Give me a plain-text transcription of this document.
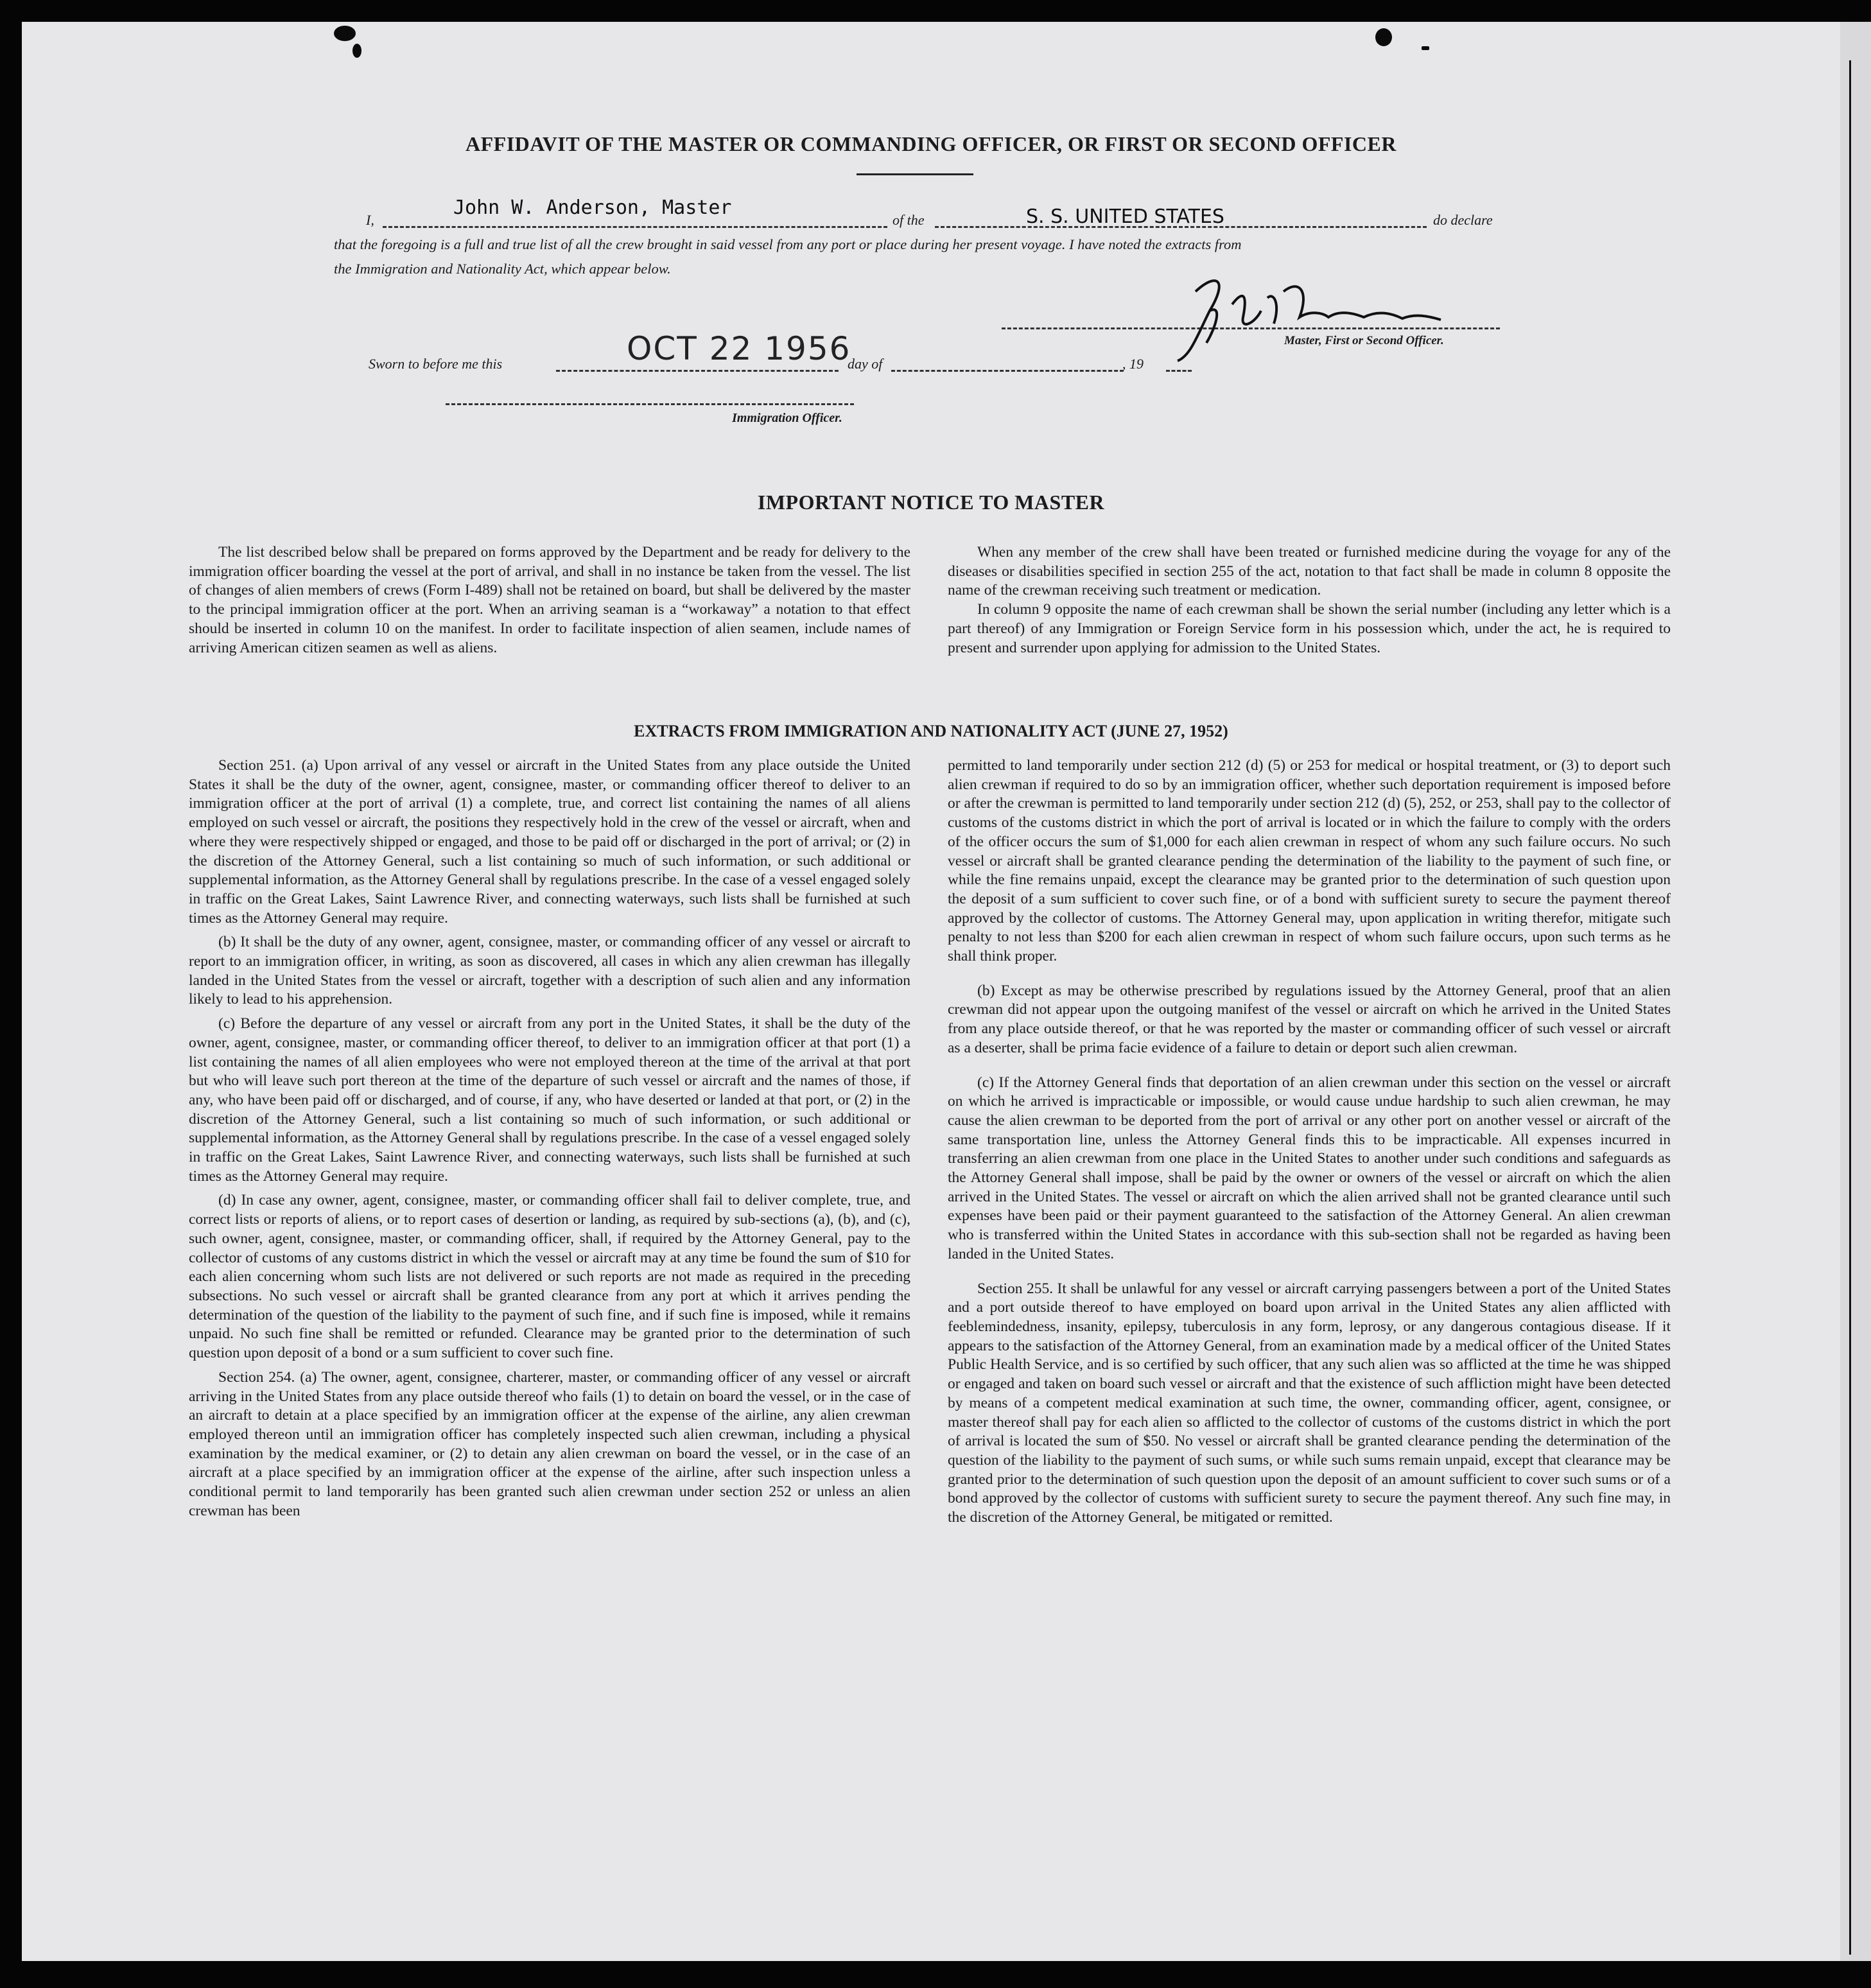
AFFIDAVIT OF THE MASTER OR COMMANDING OFFICER, OR FIRST OR SECOND OFFICER
I,
John W. Anderson, Master
of the	S. S. UNITED STATES	do declare
that the foregoing is a full and true list of all the crew brought in said vessel from any port or place during her present voyage. I have noted the extracts from
the Immigration and Nationality Act, which appear below.
Master, First or Second Officer.
Sworn to before me this	OCT 22 1956
day of	, 19
Immigration Officer.
IMPORTANT NOTICE TO MASTER

The list described below shall be prepared on forms approved by the Department and be ready for delivery to the immigration officer boarding the vessel at the port of arrival, and shall in no instance be taken from the vessel. The list of changes of alien members of crews (Form I-489) shall not be retained on board, but shall be delivered by the master to the principal immigration officer at the port. When an arriving seaman is a “workaway” a notation to that effect should be inserted in column 10 on the manifest. In order to facilitate inspection of alien seamen, include names of arriving American citizen seamen as well as aliens.

When any member of the crew shall have been treated or furnished medicine during the voyage for any of the diseases or disabilities specified in section 255 of the act, notation to that fact shall be made in column 8 opposite the name of the crewman receiving such treatment or medication.

In column 9 opposite the name of each crewman shall be shown the serial number (including any letter which is a part thereof) of any Immigration or Foreign Service form in his possession which, under the act, he is required to present and surrender upon applying for admission to the United States.

EXTRACTS FROM IMMIGRATION AND NATIONALITY ACT (JUNE 27, 1952)

Section 251. (a) Upon arrival of any vessel or aircraft in the United States from any place outside the United States it shall be the duty of the owner, agent, consignee, master, or commanding officer thereof to deliver to an immigration officer at the port of arrival (1) a complete, true, and correct list containing the names of all aliens employed on such vessel or aircraft, the positions they respectively hold in the crew of the vessel or aircraft, when and where they were respectively shipped or engaged, and those to be paid off or discharged in the port of arrival; or (2) in the discretion of the Attorney General, such a list containing so much of such information, or such additional or supplemental information, as the Attorney General shall by regulations prescribe. In the case of a vessel engaged solely in traffic on the Great Lakes, Saint Lawrence River, and connecting waterways, such lists shall be furnished at such times as the Attorney General may require.

(b) It shall be the duty of any owner, agent, consignee, master, or commanding officer of any vessel or aircraft to report to an immigration officer, in writing, as soon as discovered, all cases in which any alien crewman has illegally landed in the United States from the vessel or aircraft, together with a description of such alien and any information likely to lead to his apprehension.

(c) Before the departure of any vessel or aircraft from any port in the United States, it shall be the duty of the owner, agent, consignee, master, or commanding officer thereof, to deliver to an immigration officer at that port (1) a list containing the names of all alien employees who were not employed thereon at the time of the arrival at that port but who will leave such port thereon at the time of the departure of such vessel or aircraft and the names of those, if any, who have been paid off or discharged, and of course, if any, who have deserted or landed at that port, or (2) in the discretion of the Attorney General, such a list containing so much of such information, or such additional or supplemental information, as the Attorney General shall by regulations prescribe. In the case of a vessel engaged solely in traffic on the Great Lakes, Saint Lawrence River, and connecting waterways, such lists shall be furnished at such times as the Attorney General may require.

(d) In case any owner, agent, consignee, master, or commanding officer shall fail to deliver complete, true, and correct lists or reports of aliens, or to report cases of desertion or landing, as required by sub-sections (a), (b), and (c), such owner, agent, consignee, master, or commanding officer, shall, if required by the Attorney General, pay to the collector of customs of any customs district in which the vessel or aircraft may at any time be found the sum of $10 for each alien concerning whom such lists are not delivered or such reports are not made as required in the preceding subsections. No such vessel or aircraft shall be granted clearance from any port at which it arrives pending the determination of the question of the liability to the payment of such fine, and if such fine is imposed, while it remains unpaid. No such fine shall be remitted or refunded. Clearance may be granted prior to the determination of such question upon deposit of a bond or a sum sufficient to cover such fine.

Section 254. (a) The owner, agent, consignee, charterer, master, or commanding officer of any vessel or aircraft arriving in the United States from any place outside thereof who fails (1) to detain on board the vessel, or in the case of an aircraft to detain at a place specified by an immigration officer at the expense of the airline, any alien crewman employed thereon until an immigration officer has completely inspected such alien crewman, including a physical examination by the medical examiner, or (2) to detain any alien crewman on board the vessel, or in the case of an aircraft at a place specified by an immigration officer at the expense of the airline, after such inspection unless a conditional permit to land temporarily has been granted such alien crewman under section 252 or unless an alien crewman has been

permitted to land temporarily under section 212 (d) (5) or 253 for medical or hospital treatment, or (3) to deport such alien crewman if required to do so by an immigration officer, whether such deportation requirement is imposed before or after the crewman is permitted to land temporarily under section 212 (d) (5), 252, or 253, shall pay to the collector of customs of the customs district in which the port of arrival is located or in which the failure to comply with the orders of the officer occurs the sum of $1,000 for each alien crewman in respect of whom any such failure occurs. No such vessel or aircraft shall be granted clearance pending the determination of the liability to the payment of such fine, or while the fine remains unpaid, except the clearance may be granted prior to the determination of such question upon the deposit of a sum sufficient to cover such fine, or of a bond with sufficient surety to secure the payment thereof approved by the collector of customs. The Attorney General may, upon application in writing therefor, mitigate such penalty to not less than $200 for each alien crewman in respect of whom such failure occurs, upon such terms as he shall think proper.

(b) Except as may be otherwise prescribed by regulations issued by the Attorney General, proof that an alien crewman did not appear upon the outgoing manifest of the vessel or aircraft on which he arrived in the United States from any place outside thereof, or that he was reported by the master or commanding officer of such vessel or aircraft as a deserter, shall be prima facie evidence of a failure to detain or deport such alien crewman.

(c) If the Attorney General finds that deportation of an alien crewman under this section on the vessel or aircraft on which he arrived is impracticable or impossible, or would cause undue hardship to such alien crewman, he may cause the alien crewman to be deported from the port of arrival or any other port on another vessel or aircraft of the same transportation line, unless the Attorney General finds this to be impracticable. All expenses incurred in transferring an alien crewman from one place in the United States to another under such conditions and safeguards as the Attorney General shall impose, shall be paid by the owner or owners of the vessel or aircraft on which the alien arrived in the United States. The vessel or aircraft on which the alien arrived shall not be granted clearance until such expenses have been paid or their payment guaranteed to the satisfaction of the Attorney General. An alien crewman who is transferred within the United States in accordance with this sub-section shall not be regarded as having been landed in the United States.

Section 255. It shall be unlawful for any vessel or aircraft carrying passengers between a port of the United States and a port outside thereof to have employed on board upon arrival in the United States any alien afflicted with feeblemindedness, insanity, epilepsy, tuberculosis in any form, leprosy, or any dangerous contagious disease. If it appears to the satisfaction of the Attorney General, from an examination made by a medical officer of the United States Public Health Service, and is so certified by such officer, that any such alien was so afflicted at the time he was shipped or engaged and taken on board such vessel or aircraft and that the existence of such affliction might have been detected by means of a competent medical examination at such time, the owner, commanding officer, agent, consignee, or master thereof shall pay for each alien so afflicted to the collector of customs of the customs district in which the port of arrival is located the sum of $50. No vessel or aircraft shall be granted clearance pending the determination of the question of the liability to the payment of such sums, or while such sums remain unpaid, except that clearance may be granted prior to the determination of such question upon the deposit of an amount sufficient to cover such sums or of a bond approved by the collector of customs with sufficient surety to secure the payment thereof. Any such fine may, in the discretion of the Attorney General, be mitigated or remitted.
